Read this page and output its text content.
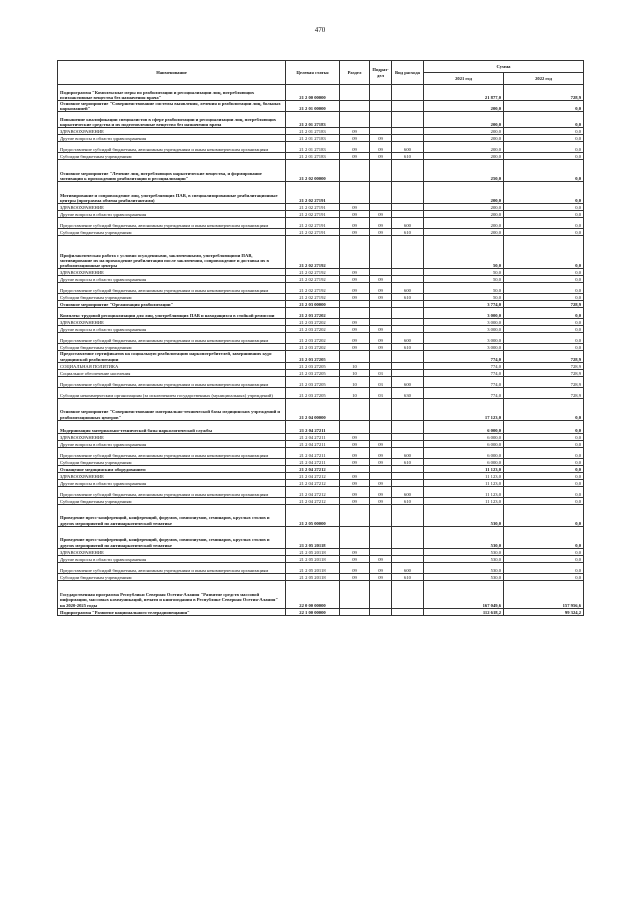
470
Наименование	Целевая статья	Раздел	Подраз-дел	Вид расхода	Сумма	
					2021 год	2022 год
Подпрограмма "Комплексные меры по реабилитации и ресоциализации лиц, потребляющих психоактивные вещества без назначения врача"	21 2 00 00000				21 877,0	728,9
Основное мероприятие "Совершенствование системы выявления, лечения и реабилитации лиц, больных наркоманией"	21 2 01 00000				200,0	0,0
Повышение квалификации специалистов в сфере реабилитации и ресоциализации лиц, потребляющих наркотические средства и их подготовленные вещество без назначения врача	21 2 01 27183				200,0	0,0
ЗДРАВООХРАНЕНИЕ	21 2 01 27183	09			200,0	0,0
Другие вопросы в области здравоохранения	21 2 01 27183	09	09		200,0	0,0
Предоставление субсидий бюджетным, автономным учреждениям и иным некоммерческим организациям	21 2 01 27183	09	09	600	200,0	0,0
Субсидии бюджетным учреждениям	21 2 01 27183	09	09	610	200,0	0,0
Основное мероприятие "Лечение лиц, потребляющих наркотические вещества, и формирование мотивации к прохождению реабилитации и ресоциализации"	21 2 02 00000				250,0	0,0
Мотивирование и сопровождение лиц, употребляющих ПАВ, в специализированные реабилитационные центры (программа обмена реабилитантами)	21 2 02 27191				200,0	0,0
ЗДРАВООХРАНЕНИЕ	21 2 02 27191	09			200,0	0,0
Другие вопросы в области здравоохранения	21 2 02 27191	09	09		200,0	0,0
Предоставление субсидий бюджетным, автономным учреждениям и иным некоммерческим организациям	21 2 02 27191	09	09	600	200,0	0,0
Субсидии бюджетным учреждениям	21 2 02 27191	09	09	610	200,0	0,0
Профилактическая работа с условно осужденными, заключенными, употребляющими ПАВ, мотивирование их на прохождение реабилитации после заключения, сопровождение и доставка их в реабилитационные центры	21 2 02 27192				50,0	0,0
ЗДРАВООХРАНЕНИЕ	21 2 02 27192	09			50,0	0,0
Другие вопросы в области здравоохранения	21 2 02 27192	09	09		50,0	0,0
Предоставление субсидий бюджетным, автономным учреждениям и иным некоммерческим организациям	21 2 02 27192	09	09	600	50,0	0,0
Субсидии бюджетным учреждениям	21 2 02 27192	09	09	610	50,0	0,0
Основное мероприятие "Организация реабилитации"	21 2 03 00000				3 774,0	728,9
Комплекс трудовой ресоциализации для лиц, употребляющих ПАВ и находящихся в стойкой ремиссии	21 2 03 27202				3 000,0	0,0
ЗДРАВООХРАНЕНИЕ	21 2 03 27202	09			3 000,0	0,0
Другие вопросы в области здравоохранения	21 2 03 27202	09	09		3 000,0	0,0
Предоставление субсидий бюджетным, автономным учреждениям и иным некоммерческим организациям	21 2 03 27202	09	09	600	3 000,0	0,0
Субсидии бюджетным учреждениям	21 2 03 27202	09	09	610	3 000,0	0,0
Предоставление сертификатов на социальную реабилитацию наркопотребителей, завершивших курс медицинской реабилитации	21 2 03 27205				774,0	728,9
СОЦИАЛЬНАЯ ПОЛИТИКА	21 2 03 27205	10			774,0	728,9
Социальное обеспечение населения	21 2 03 27205	10	03		774,0	728,9
Предоставление субсидий бюджетным, автономным учреждениям и иным некоммерческим организациям	21 2 03 27205	10	03	600	774,0	728,9
Субсидии некоммерческим организациям (за исключением государственных (муниципальных) учреждений)	21 2 03 27205	10	03	630	774,0	728,9
Основное мероприятие "Совершенствование материально-технической базы медицинских учреждений и реабилитационных центров"	21 2 04 00000				17 123,0	0,0
Модернизация материально-технической базы наркологической службы	21 2 04 27211				6 000,0	0,0
ЗДРАВООХРАНЕНИЕ	21 2 04 27211	09			6 000,0	0,0
Другие вопросы в области здравоохранения	21 2 04 27211	09	09		6 000,0	0,0
Предоставление субсидий бюджетным, автономным учреждениям и иным некоммерческим организациям	21 2 04 27211	09	09	600	6 000,0	0,0
Субсидии бюджетным учреждениям	21 2 04 27211	09	09	610	6 000,0	0,0
Оснащение медицинским оборудованием	21 2 04 27212				11 123,0	0,0
ЗДРАВООХРАНЕНИЕ	21 2 04 27212	09			11 123,0	0,0
Другие вопросы в области здравоохранения	21 2 04 27212	09	09		11 123,0	0,0
Предоставление субсидий бюджетным, автономным учреждениям и иным некоммерческим организациям	21 2 04 27212	09	09	600	11 123,0	0,0
Субсидии бюджетным учреждениям	21 2 04 27212	09	09	610	11 123,0	0,0
Проведение пресс-конференций, конференций, форумов, симпозиумов, семинаров, круглых столов и других мероприятий по антинаркотической тематике	21 2 05 00000				530,0	0,0
Проведение пресс-конференций, конференций, форумов, симпозиумов, семинаров, круглых столов и других мероприятий по антинаркотической тематике	21 2 05 20118				530,0	0,0
ЗДРАВООХРАНЕНИЕ	21 2 05 20118	09			530,0	0,0
Другие вопросы в области здравоохранения	21 2 05 20118	09	09		530,0	0,0
Предоставление субсидий бюджетным, автономным учреждениям и иным некоммерческим организациям	21 2 05 20118	09	09	600	530,0	0,0
Субсидии бюджетным учреждениям	21 2 05 20118	09	09	610	530,0	0,0
Государственная программа Республики Северная Осетия-Алания "Развитие средств массовой информации, массовых коммуникаций, печати и книгоиздания в Республике Северная Осетия-Алания" на 2020-2025 годы	22 0 00 00000				167 049,6	157 956,6
Подпрограмма "Развитие национального телерадиовещания"	22 1 00 00000				112 618,2	99 324,2
